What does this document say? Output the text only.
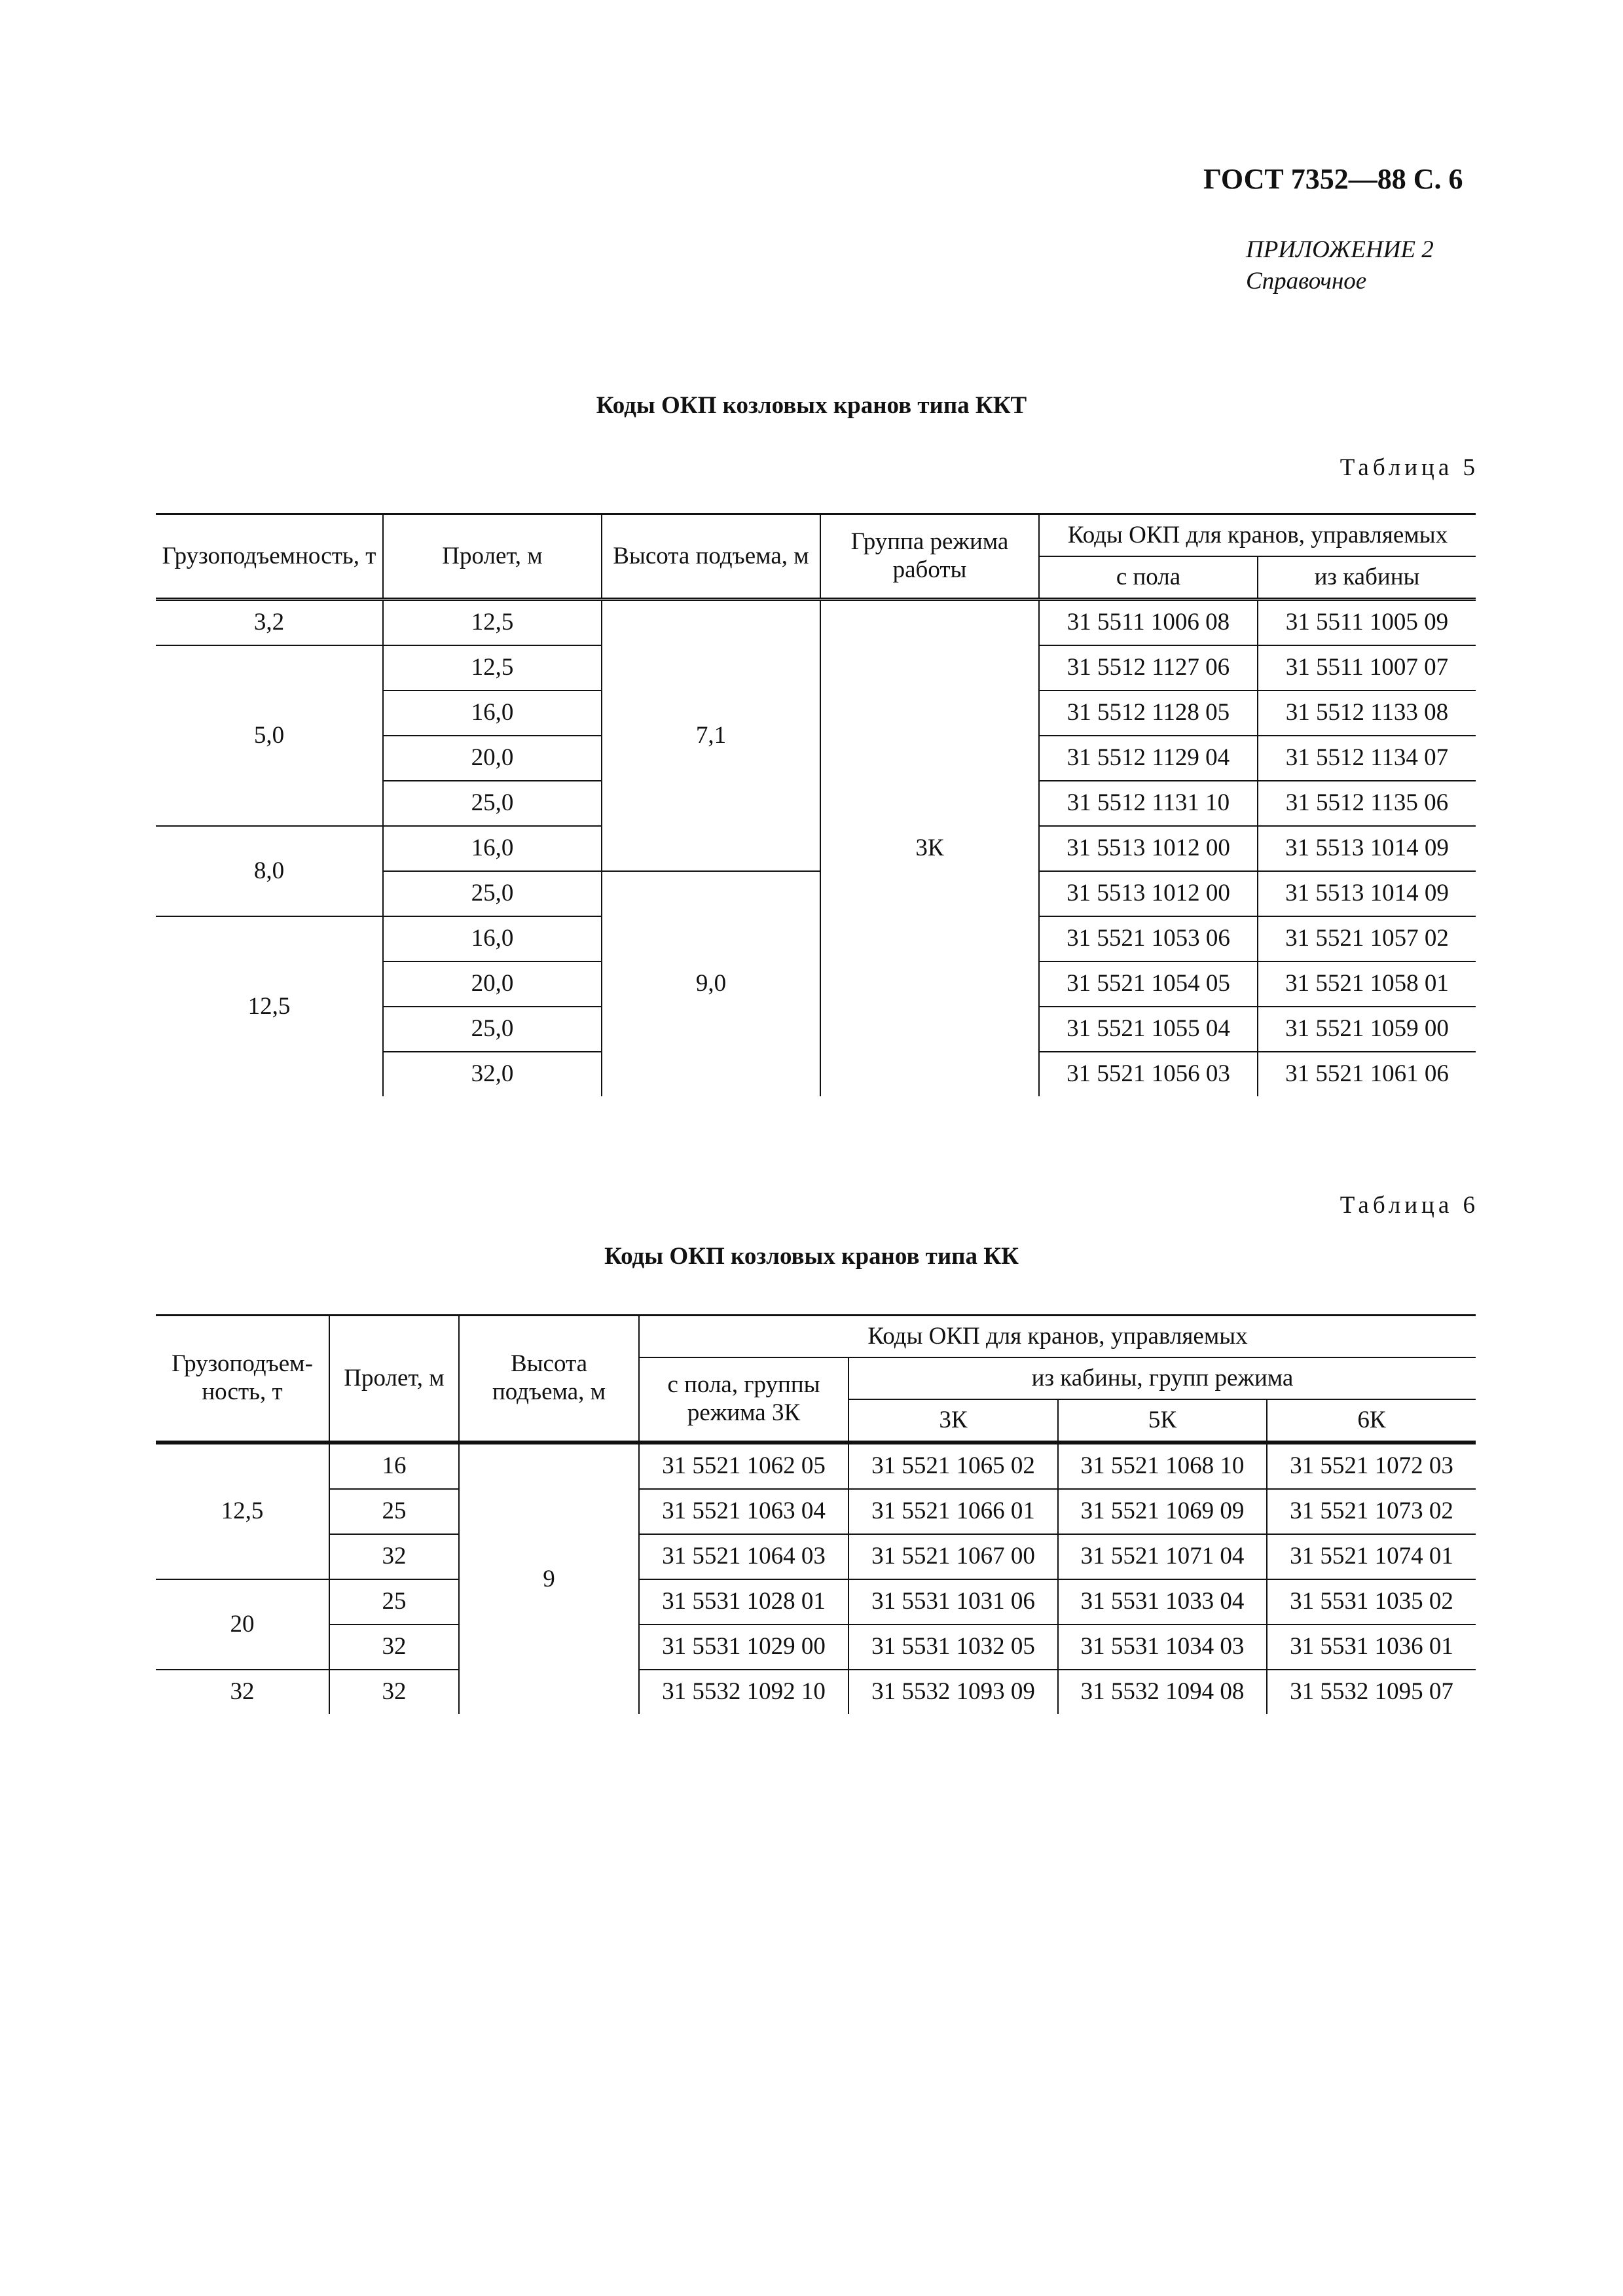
ГОСТ 7352—88 С. 6
ПРИЛОЖЕНИЕ 2
Справочное
Коды ОКП козловых кранов типа ККТ
Таблица 5
Грузоподъемность, т	Пролет, м	Высота подъема, м	Группа режима работы	Коды ОКП для кранов, управляемых	
				с пола	из кабины
3,2	12,5	7,1	3К	31 5511 1006 08	31 5511 1005 09
5,0	12,5			31 5512 1127 06	31 5511 1007 07
	16,0			31 5512 1128 05	31 5512 1133 08
	20,0			31 5512 1129 04	31 5512 1134 07
	25,0			31 5512 1131 10	31 5512 1135 06
8,0	16,0			31 5513 1012 00	31 5513 1014 09
	25,0	9,0		31 5513 1012 00	31 5513 1014 09
12,5	16,0			31 5521 1053 06	31 5521 1057 02
	20,0			31 5521 1054 05	31 5521 1058 01
	25,0			31 5521 1055 04	31 5521 1059 00
	32,0			31 5521 1056 03	31 5521 1061 06
Таблица 6
Коды ОКП козловых кранов типа КК
Грузоподъем-ность, т	Пролет, м	Высота подъема, м	Коды ОКП для кранов, управляемых			
			с пола, группы режима 3К	из кабины, групп режима		
				3К	5К	6К
12,5	16	9	31 5521 1062 05	31 5521 1065 02	31 5521 1068 10	31 5521 1072 03
	25		31 5521 1063 04	31 5521 1066 01	31 5521 1069 09	31 5521 1073 02
	32		31 5521 1064 03	31 5521 1067 00	31 5521 1071 04	31 5521 1074 01
20	25		31 5531 1028 01	31 5531 1031 06	31 5531 1033 04	31 5531 1035 02
	32		31 5531 1029 00	31 5531 1032 05	31 5531 1034 03	31 5531 1036 01
32	32		31 5532 1092 10	31 5532 1093 09	31 5532 1094 08	31 5532 1095 07
